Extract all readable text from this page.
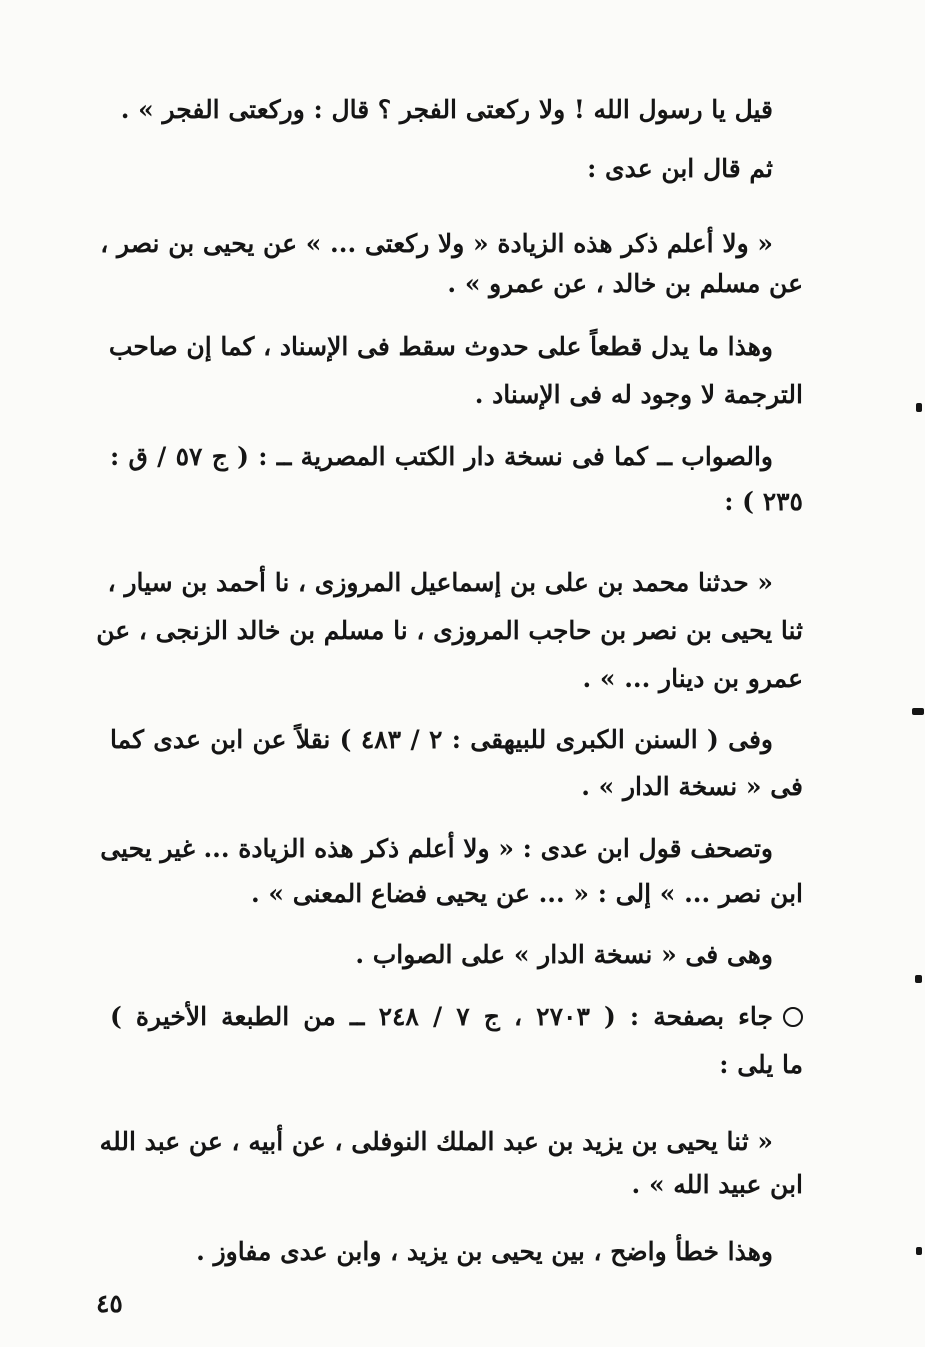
قيل يا رسول الله ! ولا ركعتى الفجر ؟ قال : وركعتى الفجر » .
ثم قال ابن عدى :
« ولا أعلم ذكر هذه الزيادة « ولا ركعتى ... » عن يحيى بن نصر ،
عن مسلم بن خالد ، عن عمرو » .
وهذا ما يدل قطعاً على حدوث سقط فى الإسناد ، كما إن صاحب
الترجمة لا وجود له فى الإسناد .
والصواب ــ كما فى نسخة دار الكتب المصرية ــ : ( ج ٥٧ / ق :
٢٣٥ ) :
« حدثنا محمد بن على بن إسماعيل المروزى ، نا أحمد بن سيار ،
ثنا يحيى بن نصر بن حاجب المروزى ، نا مسلم بن خالد الزنجى ، عن
عمرو بن دينار ... » .
وفى ( السنن الكبرى للبيهقى : ٢ / ٤٨٣ ) نقلاً عن ابن عدى كما
فى « نسخة الدار » .
وتصحف قول ابن عدى : « ولا أعلم ذكر هذه الزيادة ... غير يحيى
ابن نصر ... » إلى : « ... عن يحيى فضاع المعنى » .
وهى فى « نسخة الدار » على الصواب .
جاء بصفحة : ( ٢٧٠٣ ، ج ٧ / ٢٤٨ ــ من الطبعة الأخيرة )
ما يلى :
« ثنا يحيى بن يزيد بن عبد الملك النوفلى ، عن أبيه ، عن عبد الله
ابن عبيد الله » .
وهذا خطأ واضح ، بين يحيى بن يزيد ، وابن عدى مفاوز .
٤٥
